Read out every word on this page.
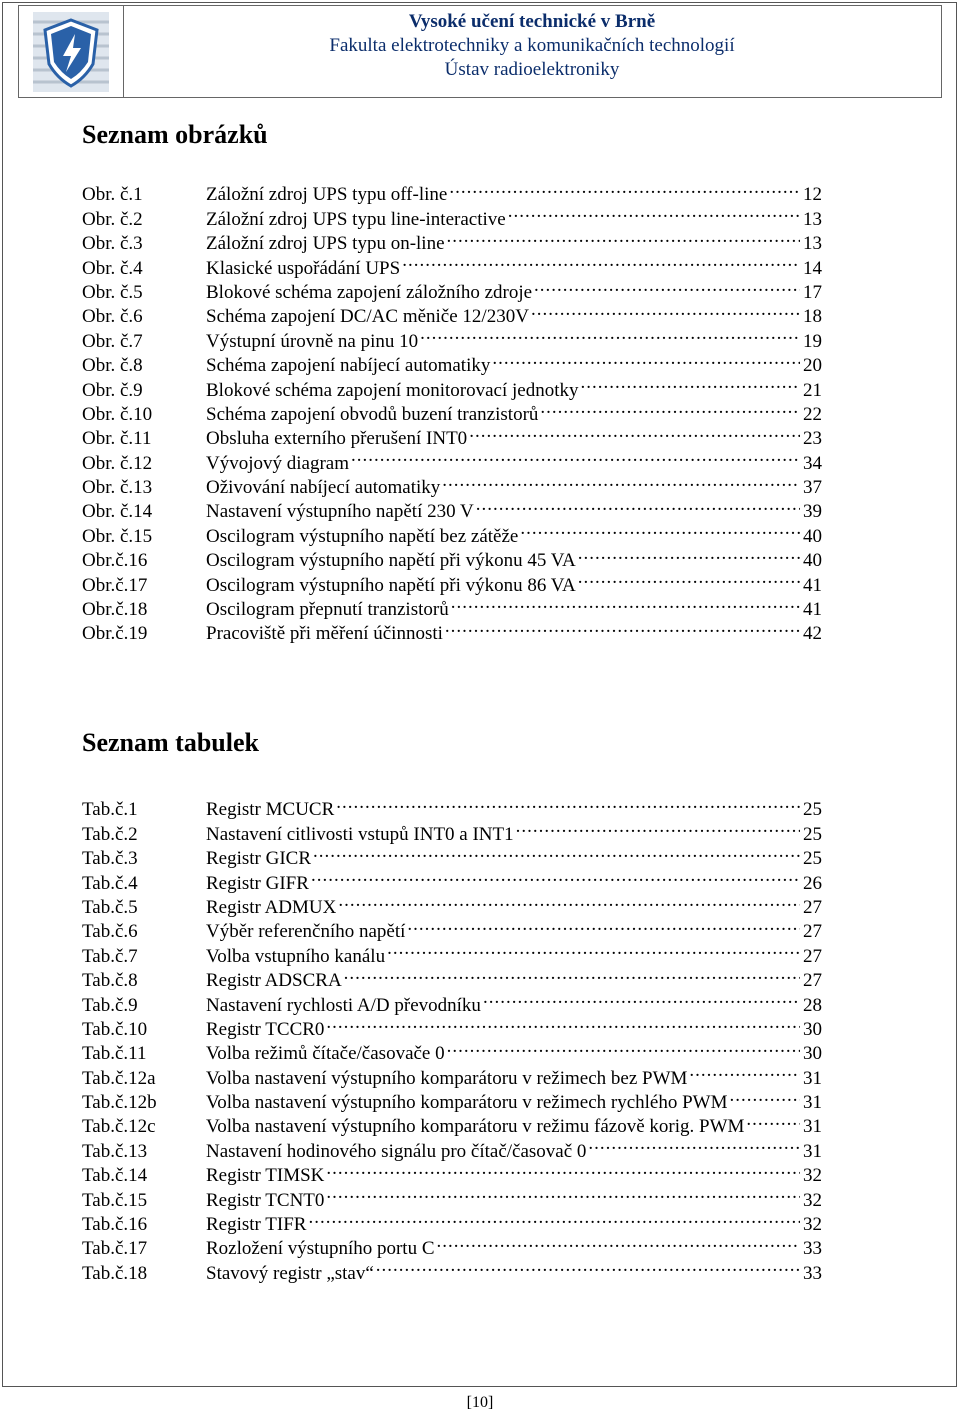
Vysoké učení technické v Brně
Fakulta elektrotechniky a komunikačních technologií
Ústav radioelektroniky
Seznam obrázků
Obr. č.1	Záložní zdroj UPS typu off-line .....	12
Obr. č.2	Záložní zdroj UPS typu line-interactive .....	13
Obr. č.3	Záložní zdroj UPS typu on-line .....	13
Obr. č.4	Klasické uspořádání UPS .....	14
Obr. č.5	Blokové schéma zapojení záložního zdroje .....	17
Obr. č.6	Schéma zapojení DC/AC měniče 12/230V .....	18
Obr. č.7	Výstupní úrovně na pinu 10 .....	19
Obr. č.8	Schéma zapojení nabíjecí automatiky .....	20
Obr. č.9	Blokové schéma zapojení monitorovací jednotky .....	21
Obr. č.10	Schéma zapojení obvodů buzení tranzistorů .....	22
Obr. č.11	Obsluha externího přerušení INT0 .....	23
Obr. č.12	Vývojový diagram .....	34
Obr. č.13	Oživování nabíjecí automatiky .....	37
Obr. č.14	Nastavení výstupního napětí 230 V .....	39
Obr. č.15	Oscilogram výstupního napětí bez zátěže .....	40
Obr.č.16	Oscilogram výstupního napětí při výkonu 45 VA .....	40
Obr.č.17	Oscilogram výstupního napětí při výkonu 86 VA .....	41
Obr.č.18	Oscilogram přepnutí tranzistorů .....	41
Obr.č.19	Pracoviště při měření účinnosti .....	42
Seznam tabulek
Tab.č.1	Registr MCUCR .....	25
Tab.č.2	Nastavení citlivosti vstupů INT0 a INT1 .....	25
Tab.č.3	Registr GICR .....	25
Tab.č.4	Registr GIFR .....	26
Tab.č.5	Registr ADMUX .....	27
Tab.č.6	Výběr referenčního napětí .....	27
Tab.č.7	Volba vstupního kanálu .....	27
Tab.č.8	Registr ADSCRA .....	27
Tab.č.9	Nastavení rychlosti A/D převodníku .....	28
Tab.č.10	Registr TCCR0 .....	30
Tab.č.11	Volba režimů čítače/časovače 0 .....	30
Tab.č.12a	Volba nastavení výstupního komparátoru v režimech bez PWM .....	31
Tab.č.12b	Volba nastavení výstupního komparátoru v režimech rychlého PWM .....	31
Tab.č.12c	Volba nastavení výstupního komparátoru v režimu fázově korig. PWM .....	31
Tab.č.13	Nastavení hodinového signálu pro čítač/časovač 0 .....	31
Tab.č.14	Registr TIMSK .....	32
Tab.č.15	Registr TCNT0 .....	32
Tab.č.16	Registr TIFR .....	32
Tab.č.17	Rozložení výstupního portu C .....	33
Tab.č.18	Stavový registr „stav“ .....	33
[10]
